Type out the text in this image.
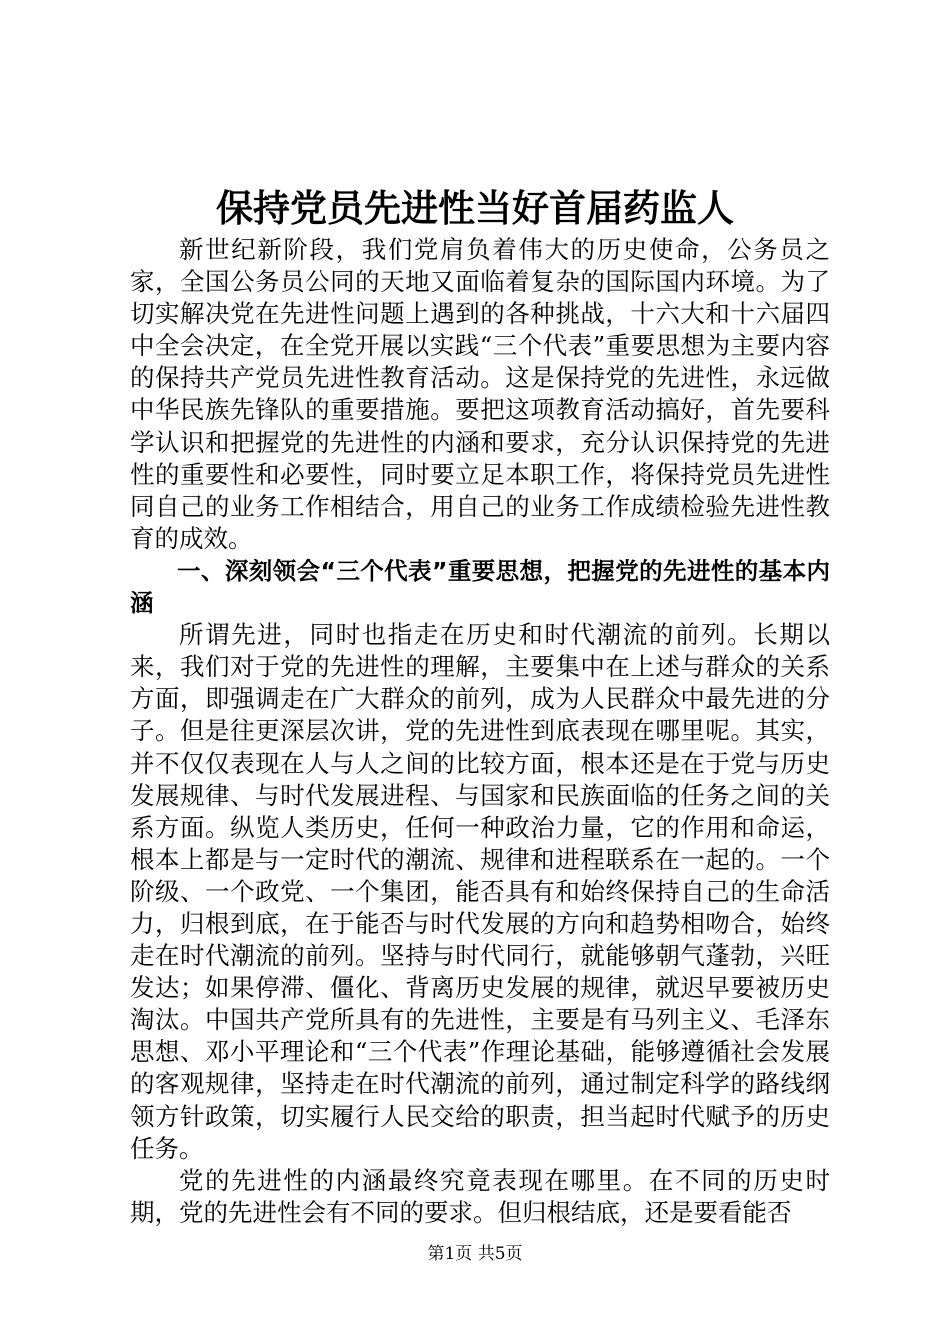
保持党员先进性当好首届药监人

新世纪新阶段，我们党肩负着伟大的历史使命，公务员之家，全国公务员公同的天地又面临着复杂的国际国内环境。为了切实解决党在先进性问题上遇到的各种挑战，十六大和十六届四中全会决定，在全党开展以实践“三个代表”重要思想为主要内容的保持共产党员先进性教育活动。这是保持党的先进性，永远做中华民族先锋队的重要措施。要把这项教育活动搞好，首先要科学认识和把握党的先进性的内涵和要求，充分认识保持党的先进性的重要性和必要性，同时要立足本职工作，将保持党员先进性同自己的业务工作相结合，用自己的业务工作成绩检验先进性教育的成效。

一、深刻领会“三个代表”重要思想，把握党的先进性的基本内涵

所谓先进，同时也指走在历史和时代潮流的前列。长期以来，我们对于党的先进性的理解，主要集中在上述与群众的关系方面，即强调走在广大群众的前列，成为人民群众中最先进的分子。但是往更深层次讲，党的先进性到底表现在哪里呢。其实，并不仅仅表现在人与人之间的比较方面，根本还是在于党与历史发展规律、与时代发展进程、与国家和民族面临的任务之间的关系方面。纵览人类历史，任何一种政治力量，它的作用和命运，根本上都是与一定时代的潮流、规律和进程联系在一起的。一个阶级、一个政党、一个集团，能否具有和始终保持自己的生命活力，归根到底，在于能否与时代发展的方向和趋势相吻合，始终走在时代潮流的前列。坚持与时代同行，就能够朝气蓬勃，兴旺发达；如果停滞、僵化、背离历史发展的规律，就迟早要被历史淘汰。中国共产党所具有的先进性，主要是有马列主义、毛泽东思想、邓小平理论和“三个代表”作理论基础，能够遵循社会发展的客观规律，坚持走在时代潮流的前列，通过制定科学的路线纲领方针政策，切实履行人民交给的职责，担当起时代赋予的历史任务。

党的先进性的内涵最终究竟表现在哪里。在不同的历史时期，党的先进性会有不同的要求。但归根结底，还是要看能否

第1页 共5页
